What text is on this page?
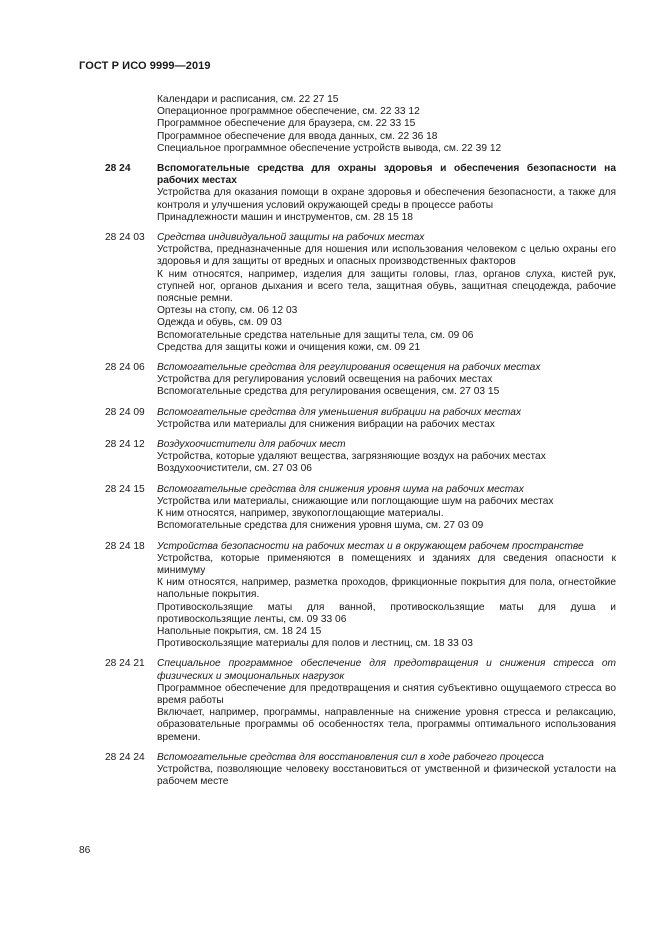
ГОСТ Р ИСО 9999—2019
Календари и расписания, см. 22 27 15
Операционное программное обеспечение, см. 22 33 12
Программное обеспечение для браузера, см. 22 33 15
Программное обеспечение для ввода данных, см. 22 36 18
Специальное программное обеспечение устройств вывода, см. 22 39 12
28 24	Вспомогательные средства для охраны здоровья и обеспечения безопасности на рабочих местах
Устройства для оказания помощи в охране здоровья и обеспечения безопасности, а также для контроля и улучшения условий окружающей среды в процессе работы
Принадлежности машин и инструментов, см. 28 15 18
28 24 03 Средства индивидуальной защиты на рабочих местах
Устройства, предназначенные для ношения или использования человеком с целью охраны его здоровья и для защиты от вредных и опасных производственных факторов
К ним относятся, например, изделия для защиты головы, глаз, органов слуха, кистей рук, ступней ног, органов дыхания и всего тела, защитная обувь, защитная спецодежда, рабочие поясные ремни.
Ортезы на стопу, см. 06 12 03
Одежда и обувь, см. 09 03
Вспомогательные средства нательные для защиты тела, см. 09 06
Средства для защиты кожи и очищения кожи, см. 09 21
28 24 06 Вспомогательные средства для регулирования освещения на рабочих местах
Устройства для регулирования условий освещения на рабочих местах
Вспомогательные средства для регулирования освещения, см. 27 03 15
28 24 09 Вспомогательные средства для уменьшения вибрации на рабочих местах
Устройства или материалы для снижения вибрации на рабочих местах
28 24 12 Воздухоочистители для рабочих мест
Устройства, которые удаляют вещества, загрязняющие воздух на рабочих местах
Воздухоочистители, см. 27 03 06
28 24 15 Вспомогательные средства для снижения уровня шума на рабочих местах
Устройства или материалы, снижающие или поглощающие шум на рабочих местах
К ним относятся, например, звукопоглощающие материалы.
Вспомогательные средства для снижения уровня шума, см. 27 03 09
28 24 18 Устройства безопасности на рабочих местах и в окружающем рабочем пространстве
Устройства, которые применяются в помещениях и зданиях для сведения опасности к минимуму
К ним относятся, например, разметка проходов, фрикционные покрытия для пола, огнестойкие напольные покрытия.
Противоскользящие маты для ванной, противоскользящие маты для душа и противоскользящие ленты, см. 09 33 06
Напольные покрытия, см. 18 24 15
Противоскользящие материалы для полов и лестниц, см. 18 33 03
28 24 21 Специальное программное обеспечение для предотвращения и снижения стресса от физических и эмоциональных нагрузок
Программное обеспечение для предотвращения и снятия субъективно ощущаемого стресса во время работы
Включает, например, программы, направленные на снижение уровня стресса и релаксацию, образовательные программы об особенностях тела, программы оптимального использования времени.
28 24 24 Вспомогательные средства для восстановления сил в ходе рабочего процесса
Устройства, позволяющие человеку восстановиться от умственной и физической усталости на рабочем месте
86
